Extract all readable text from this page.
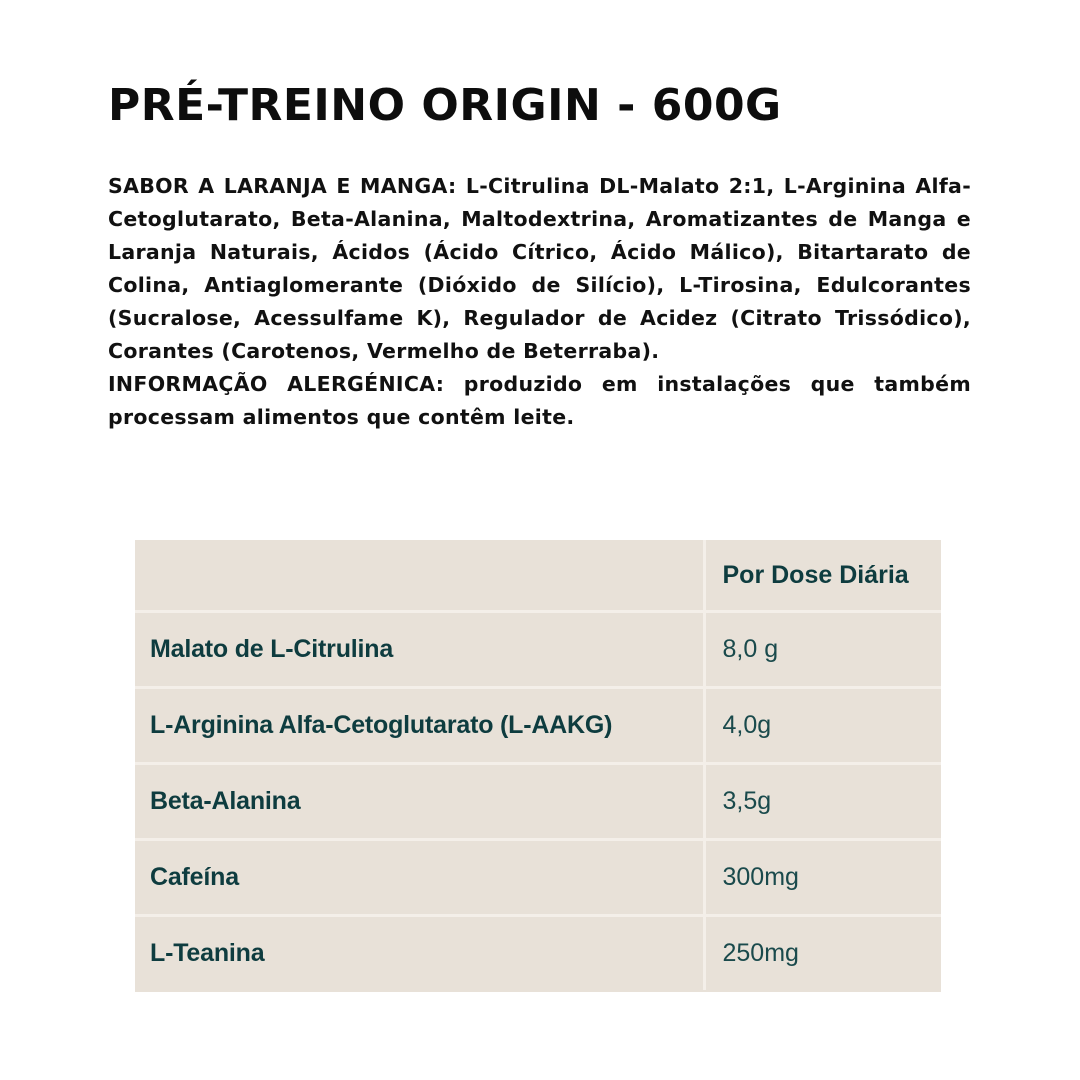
PRÉ-TREINO ORIGIN - 600G

SABOR A LARANJA E MANGA: L-Citrulina DL-Malato 2:1, L-Arginina Alfa-Cetoglutarato, Beta-Alanina, Maltodextrina, Aromatizantes de Manga e Laranja Naturais, Ácidos (Ácido Cítrico, Ácido Málico), Bitartarato de Colina, Antiaglomerante (Dióxido de Silício), L-Tirosina, Edulcorantes (Sucralose, Acessulfame K), Regulador de Acidez (Citrato Trissódico), Corantes (Carotenos, Vermelho de Beterraba).

INFORMAÇÃO ALERGÉNICA: produzido em instalações que também processam alimentos que contêm leite.

	Por Dose Diária
Malato de L-Citrulina	8,0 g
L-Arginina Alfa-Cetoglutarato (L-AAKG)	4,0g
Beta-Alanina	3,5g
Cafeína	300mg
L-Teanina	250mg
